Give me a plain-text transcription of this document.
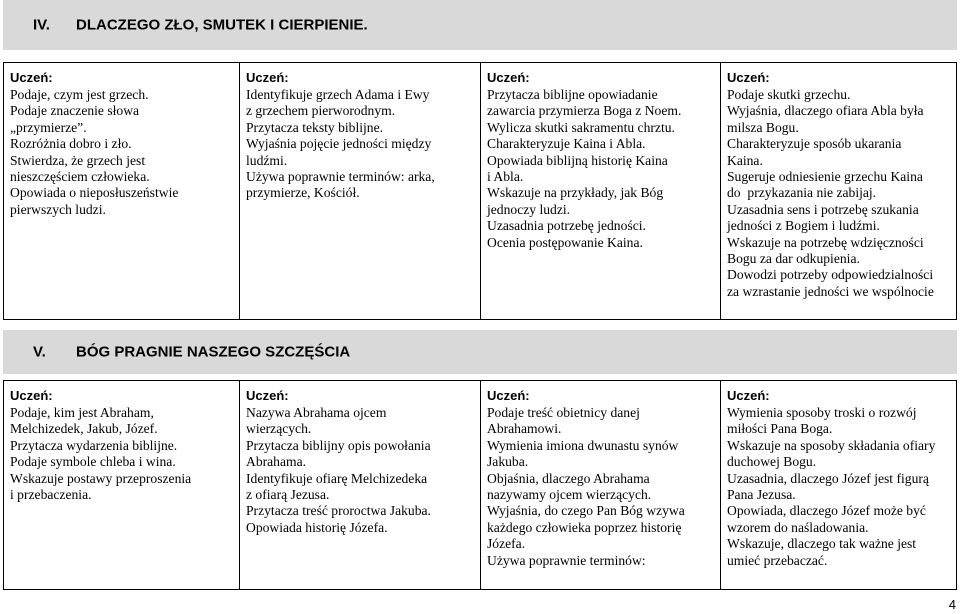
IV. DLACZEGO ZŁO, SMUTEK I CIERPIENIE.
Uczeń:
Podaje, czym jest grzech.
Podaje znaczenie słowa
„przymierze”.
Rozróżnia dobro i zło.
Stwierdza, że grzech jest
nieszczęściem człowieka.
Opowiada o nieposłuszeństwie
pierwszych ludzi.
Uczeń:
Identyfikuje grzech Adama i Ewy
z grzechem pierworodnym.
Przytacza teksty biblijne.
Wyjaśnia pojęcie jedności między
ludźmi.
Używa poprawnie terminów: arka,
przymierze, Kościół.
Uczeń:
Przytacza biblijne opowiadanie
zawarcia przymierza Boga z Noem.
Wylicza skutki sakramentu chrztu.
Charakteryzuje Kaina i Abla.
Opowiada biblijną historię Kaina
i Abla.
Wskazuje na przykłady, jak Bóg
jednoczy ludzi.
Uzasadnia potrzebę jedności.
Ocenia postępowanie Kaina.
Uczeń:
Podaje skutki grzechu.
Wyjaśnia, dlaczego ofiara Abla była
milsza Bogu.
Charakteryzuje sposób ukarania
Kaina.
Sugeruje odniesienie grzechu Kaina
do  przykazania nie zabijaj.
Uzasadnia sens i potrzebę szukania
jedności z Bogiem i ludźmi.
Wskazuje na potrzebę wdzięczności
Bogu za dar odkupienia.
Dowodzi potrzeby odpowiedzialności
za wzrastanie jedności we wspólnocie
V. BÓG PRAGNIE NASZEGO SZCZĘŚCIA
Uczeń:
Podaje, kim jest Abraham,
Melchizedek, Jakub, Józef.
Przytacza wydarzenia biblijne.
Podaje symbole chleba i wina.
Wskazuje postawy przeproszenia
i przebaczenia.
Uczeń:
Nazywa Abrahama ojcem
wierzących.
Przytacza biblijny opis powołania
Abrahama.
Identyfikuje ofiarę Melchizedeka
z ofiarą Jezusa.
Przytacza treść proroctwa Jakuba.
Opowiada historię Józefa.
Uczeń:
Podaje treść obietnicy danej
Abrahamowi.
Wymienia imiona dwunastu synów
Jakuba.
Objaśnia, dlaczego Abrahama
nazywamy ojcem wierzących.
Wyjaśnia, do czego Pan Bóg wzywa
każdego człowieka poprzez historię
Józefa.
Używa poprawnie terminów:
Uczeń:
Wymienia sposoby troski o rozwój
miłości Pana Boga.
Wskazuje na sposoby składania ofiary
duchowej Bogu.
Uzasadnia, dlaczego Józef jest figurą
Pana Jezusa.
Opowiada, dlaczego Józef może być
wzorem do naśladowania.
Wskazuje, dlaczego tak ważne jest
umieć przebaczać.
4
